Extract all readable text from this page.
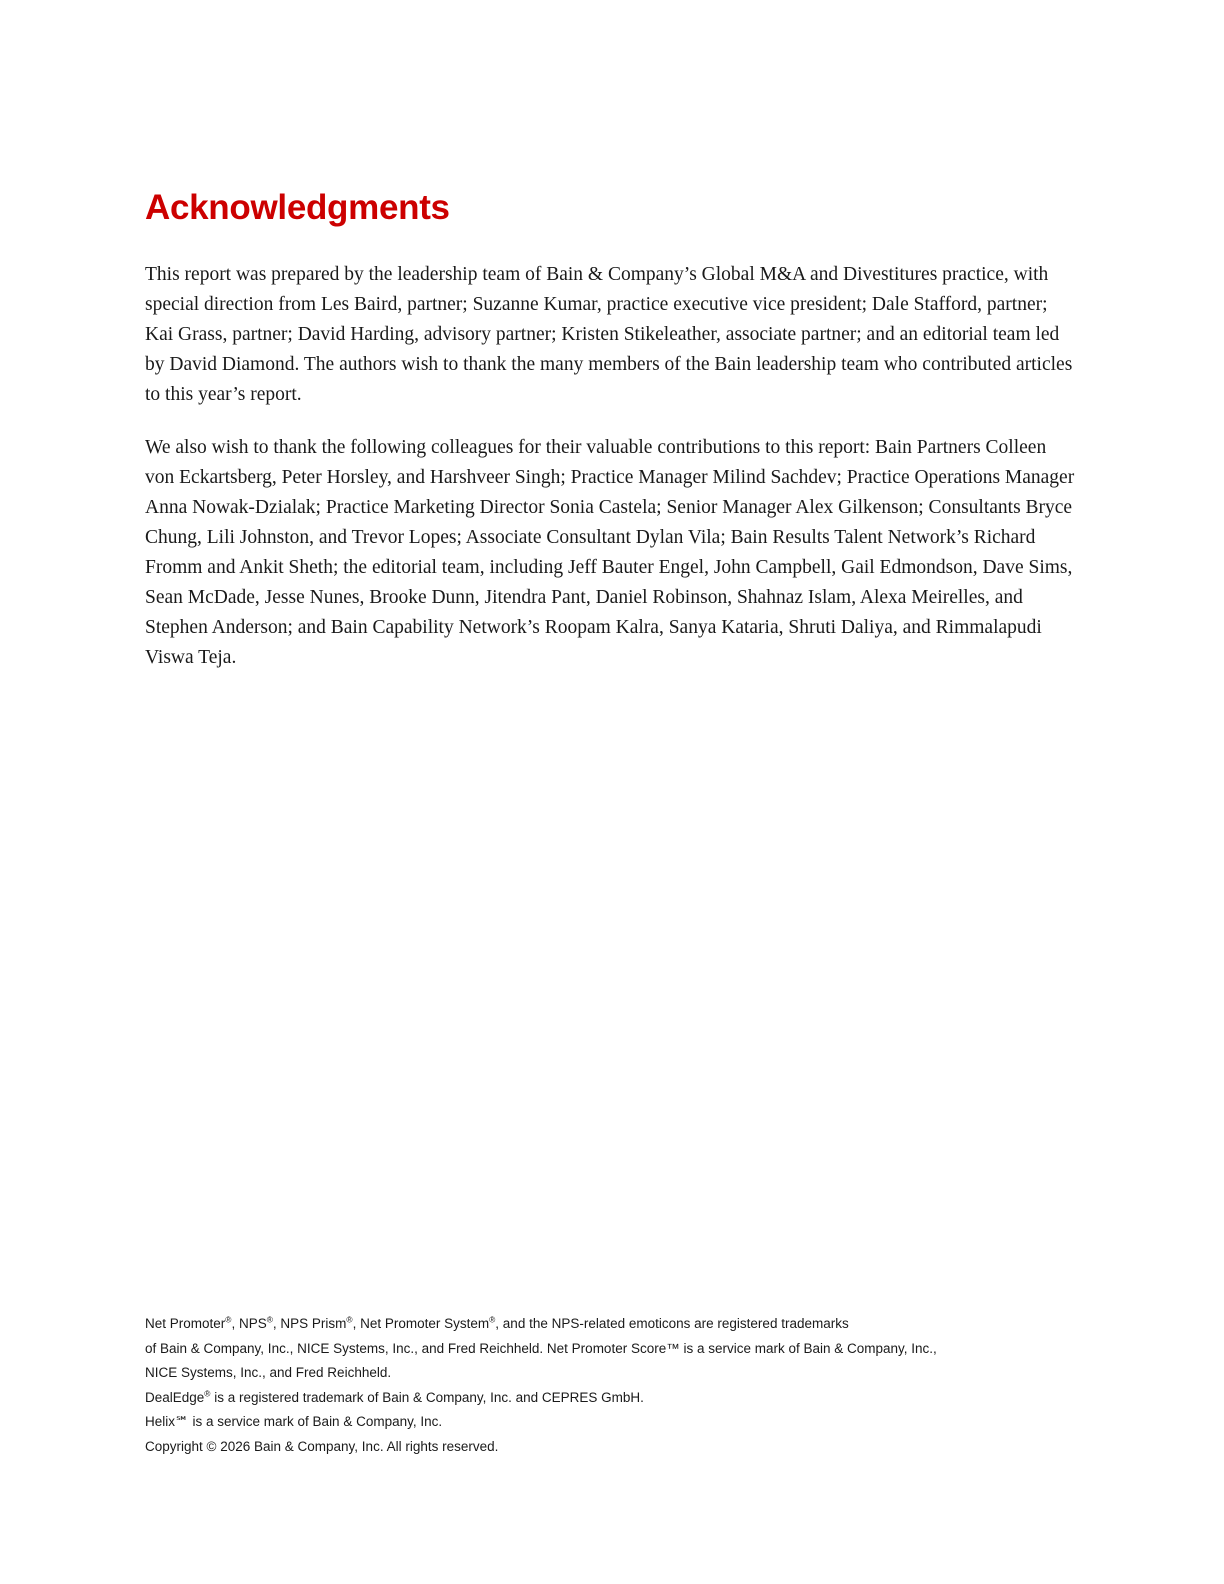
Acknowledgments

This report was prepared by the leadership team of Bain & Company’s Global M&A and Divestitures practice, with special direction from Les Baird, partner; Suzanne Kumar, practice executive vice president; Dale Stafford, partner; Kai Grass, partner; David Harding, advisory partner; Kristen Stikeleather, associate partner; and an editorial team led by David Diamond. The authors wish to thank the many members of the Bain leadership team who contributed articles to this year’s report.

We also wish to thank the following colleagues for their valuable contributions to this report: Bain Partners Colleen von Eckartsberg, Peter Horsley, and Harshveer Singh; Practice Manager Milind Sachdev; Practice Operations Manager Anna Nowak-Dzialak; Practice Marketing Director Sonia Castela; Senior Manager Alex Gilkenson; Consultants Bryce Chung, Lili Johnston, and Trevor Lopes; Associate Consultant Dylan Vila; Bain Results Talent Network’s Richard Fromm and Ankit Sheth; the editorial team, including Jeff Bauter Engel, John Campbell, Gail Edmondson, Dave Sims, Sean McDade, Jesse Nunes, Brooke Dunn, Jitendra Pant, Daniel Robinson, Shahnaz Islam, Alexa Meirelles, and Stephen Anderson; and Bain Capability Network’s Roopam Kalra, Sanya Kataria, Shruti Daliya, and Rimmalapudi Viswa Teja.

Net Promoter®, NPS®, NPS Prism®, Net Promoter System®, and the NPS-related emoticons are registered trademarks
of Bain & Company, Inc., NICE Systems, Inc., and Fred Reichheld. Net Promoter Score™ is a service mark of Bain & Company, Inc.,
NICE Systems, Inc., and Fred Reichheld.
DealEdge® is a registered trademark of Bain & Company, Inc. and CEPRES GmbH.
Helix℠ is a service mark of Bain & Company, Inc.
Copyright © 2026 Bain & Company, Inc. All rights reserved.
